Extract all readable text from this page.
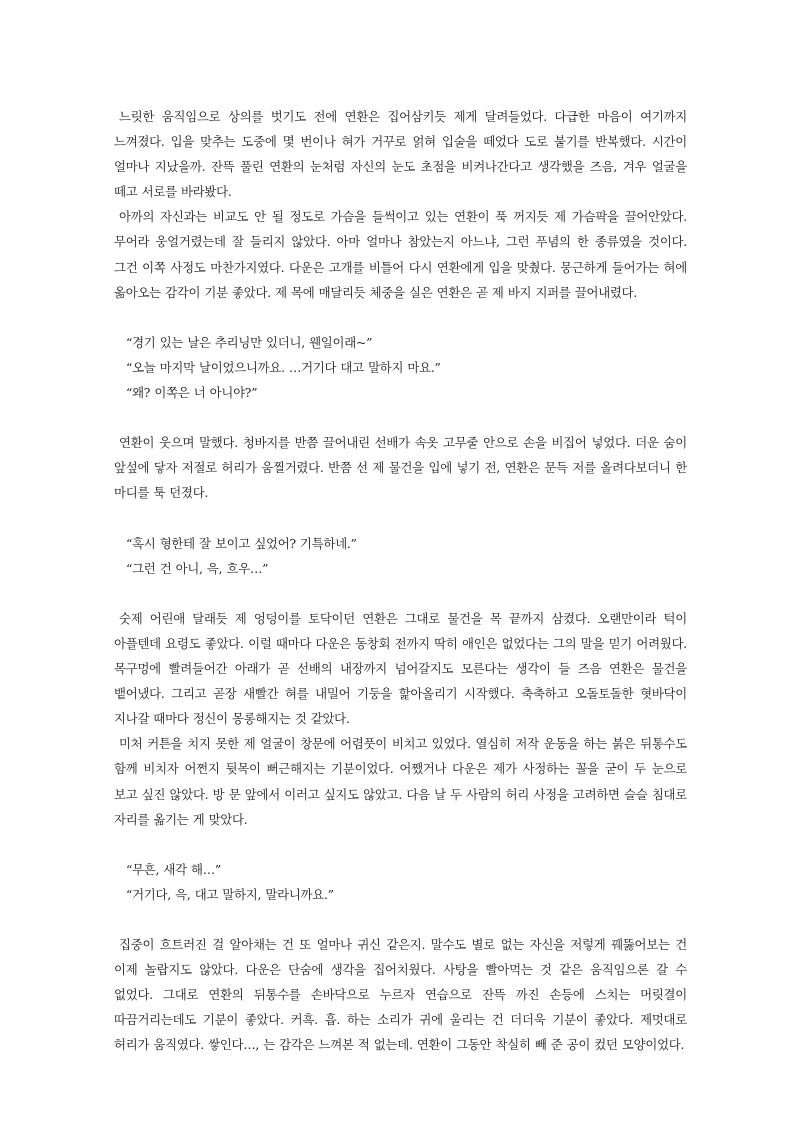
느릿한 움직임으로 상의를 벗기도 전에 연환은 집어삼키듯 제게 달려들었다. 다급한 마음이 여기까지 느껴졌다. 입을 맞추는 도중에 몇 번이나 혀가 거꾸로 얽혀 입술을 떼었다 도로 붙기를 반복했다. 시간이 얼마나 지났을까. 잔뜩 풀린 연환의 눈처럼 자신의 눈도 초점을 비켜나간다고 생각했을 즈음, 겨우 얼굴을 떼고 서로를 바라봤다.

아까의 자신과는 비교도 안 될 정도로 가슴을 들썩이고 있는 연환이 푹 꺼지듯 제 가슴팍을 끌어안았다. 무어라 웅얼거렸는데 잘 들리지 않았다. 아마 얼마나 참았는지 아느냐, 그런 푸념의 한 종류였을 것이다. 그건 이쪽 사정도 마찬가지였다. 다운은 고개를 비틀어 다시 연환에게 입을 맞췄다. 뭉근하게 들어가는 혀에 옮아오는 감각이 기분 좋았다. 제 목에 매달리듯 체중을 실은 연환은 곧 제 바지 지퍼를 끌어내렸다.

“경기 있는 날은 추리닝만 있더니, 웬일이래~”

“오늘 마지막 날이었으니까요. …거기다 대고 말하지 마요.”

“왜? 이쪽은 너 아니야?”

연환이 웃으며 말했다. 청바지를 반쯤 끌어내린 선배가 속옷 고무줄 안으로 손을 비집어 넣었다. 더운 숨이 앞섶에 닿자 저절로 허리가 움찔거렸다. 반쯤 선 제 물건을 입에 넣기 전, 연환은 문득 저를 올려다보더니 한 마디를 툭 던졌다.

“혹시 형한테 잘 보이고 싶었어? 기특하네.”

“그런 건 아니, 윽, 흐우…”

숫제 어린애 달래듯 제 엉덩이를 토닥이던 연환은 그대로 물건을 목 끝까지 삼켰다. 오랜만이라 턱이 아플텐데 요령도 좋았다. 이럴 때마다 다운은 동창회 전까지 딱히 애인은 없었다는 그의 말을 믿기 어려웠다. 목구멍에 빨려들어간 아래가 곧 선배의 내장까지 넘어갈지도 모른다는 생각이 들 즈음 연환은 물건을 뱉어냈다. 그리고 곧장 새빨간 혀를 내밀어 기둥을 핥아올리기 시작했다. 축축하고 오돌토돌한 혓바닥이 지나갈 때마다 정신이 몽롱해지는 것 같았다.

미처 커튼을 치지 못한 제 얼굴이 창문에 어렴풋이 비치고 있었다. 열심히 저작 운동을 하는 붉은 뒤통수도 함께 비치자 어쩐지 뒷목이 뻐근해지는 기분이었다. 어쨌거나 다운은 제가 사정하는 꼴을 굳이 두 눈으로 보고 싶진 않았다. 방 문 앞에서 이러고 싶지도 않았고. 다음 날 두 사람의 허리 사정을 고려하면 슬슬 침대로 자리를 옮기는 게 맞았다.

“무흔, 새각 해…”

“거기다, 윽, 대고 말하지, 말라니까요.”

집중이 흐트러진 걸 알아채는 건 또 얼마나 귀신 같은지. 말수도 별로 없는 자신을 저렇게 꿰뚫어보는 건 이제 놀랍지도 않았다. 다운은 단숨에 생각을 집어치웠다. 사탕을 빨아먹는 것 같은 움직임으론 갈 수 없었다. 그대로 연환의 뒤통수를 손바닥으로 누르자 연습으로 잔뜩 까진 손등에 스치는 머릿결이 따끔거리는데도 기분이 좋았다. 커흑. 흡. 하는 소리가 귀에 울리는 건 더더욱 기분이 좋았다. 제멋대로 허리가 움직였다. 쌓인다…, 는 감각은 느껴본 적 없는데. 연환이 그동안 착실히 빼 준 공이 컸던 모양이었다.
